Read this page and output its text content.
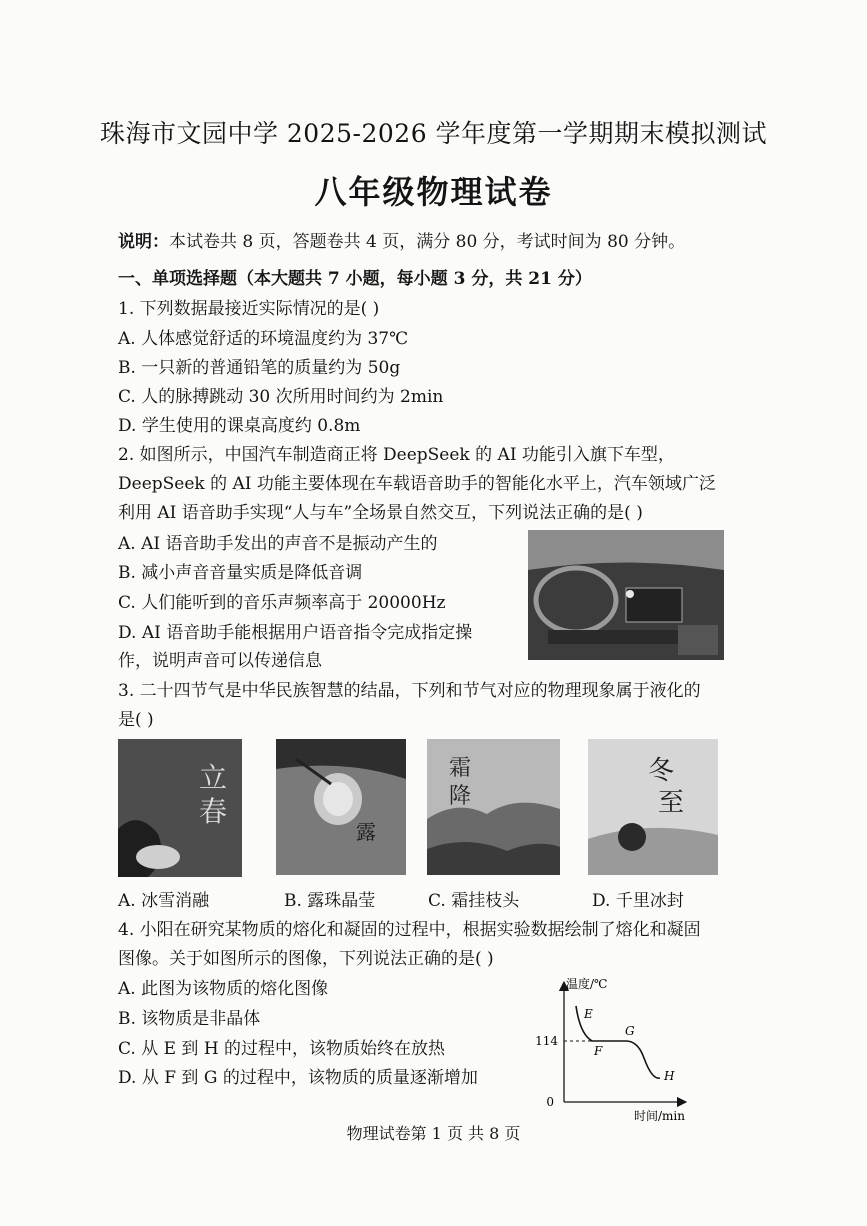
珠海市文园中学 2025-2026 学年度第一学期期末模拟测试
八年级物理试卷
说明：本试卷共 8 页，答题卷共 4 页，满分 80 分，考试时间为 80 分钟。
一、单项选择题（本大题共 7 小题，每小题 3 分，共 21 分）
1. 下列数据最接近实际情况的是( )
A. 人体感觉舒适的环境温度约为 37℃
B. 一只新的普通铅笔的质量约为 50g
C. 人的脉搏跳动 30 次所用时间约为 2min
D. 学生使用的课桌高度约 0.8m
2. 如图所示，中国汽车制造商正将 DeepSeek 的 AI 功能引入旗下车型，
DeepSeek 的 AI 功能主要体现在车载语音助手的智能化水平上，汽车领域广泛
利用 AI 语音助手实现“人与车”全场景自然交互，下列说法正确的是( )
A. AI 语音助手发出的声音不是振动产生的
B. 减小声音音量实质是降低音调
C. 人们能听到的音乐声频率高于 20000Hz
D. AI 语音助手能根据用户语音指令完成指定操
作，说明声音可以传递信息
3. 二十四节气是中华民族智慧的结晶，下列和节气对应的物理现象属于液化的
是( )
立
春
露
霜
降
冬
至
A. 冰雪消融	B. 露珠晶莹	C. 霜挂枝头	D. 千里冰封
4. 小阳在研究某物质的熔化和凝固的过程中，根据实验数据绘制了熔化和凝固
图像。关于如图所示的图像，下列说法正确的是( )
A. 此图为该物质的熔化图像
B. 该物质是非晶体
C. 从 E 到 H 的过程中，该物质始终在放热
D. 从 F 到 G 的过程中，该物质的质量逐渐增加
温度/℃
时间/min
0
114
E
F
G
H
物理试卷第 1 页 共 8 页
